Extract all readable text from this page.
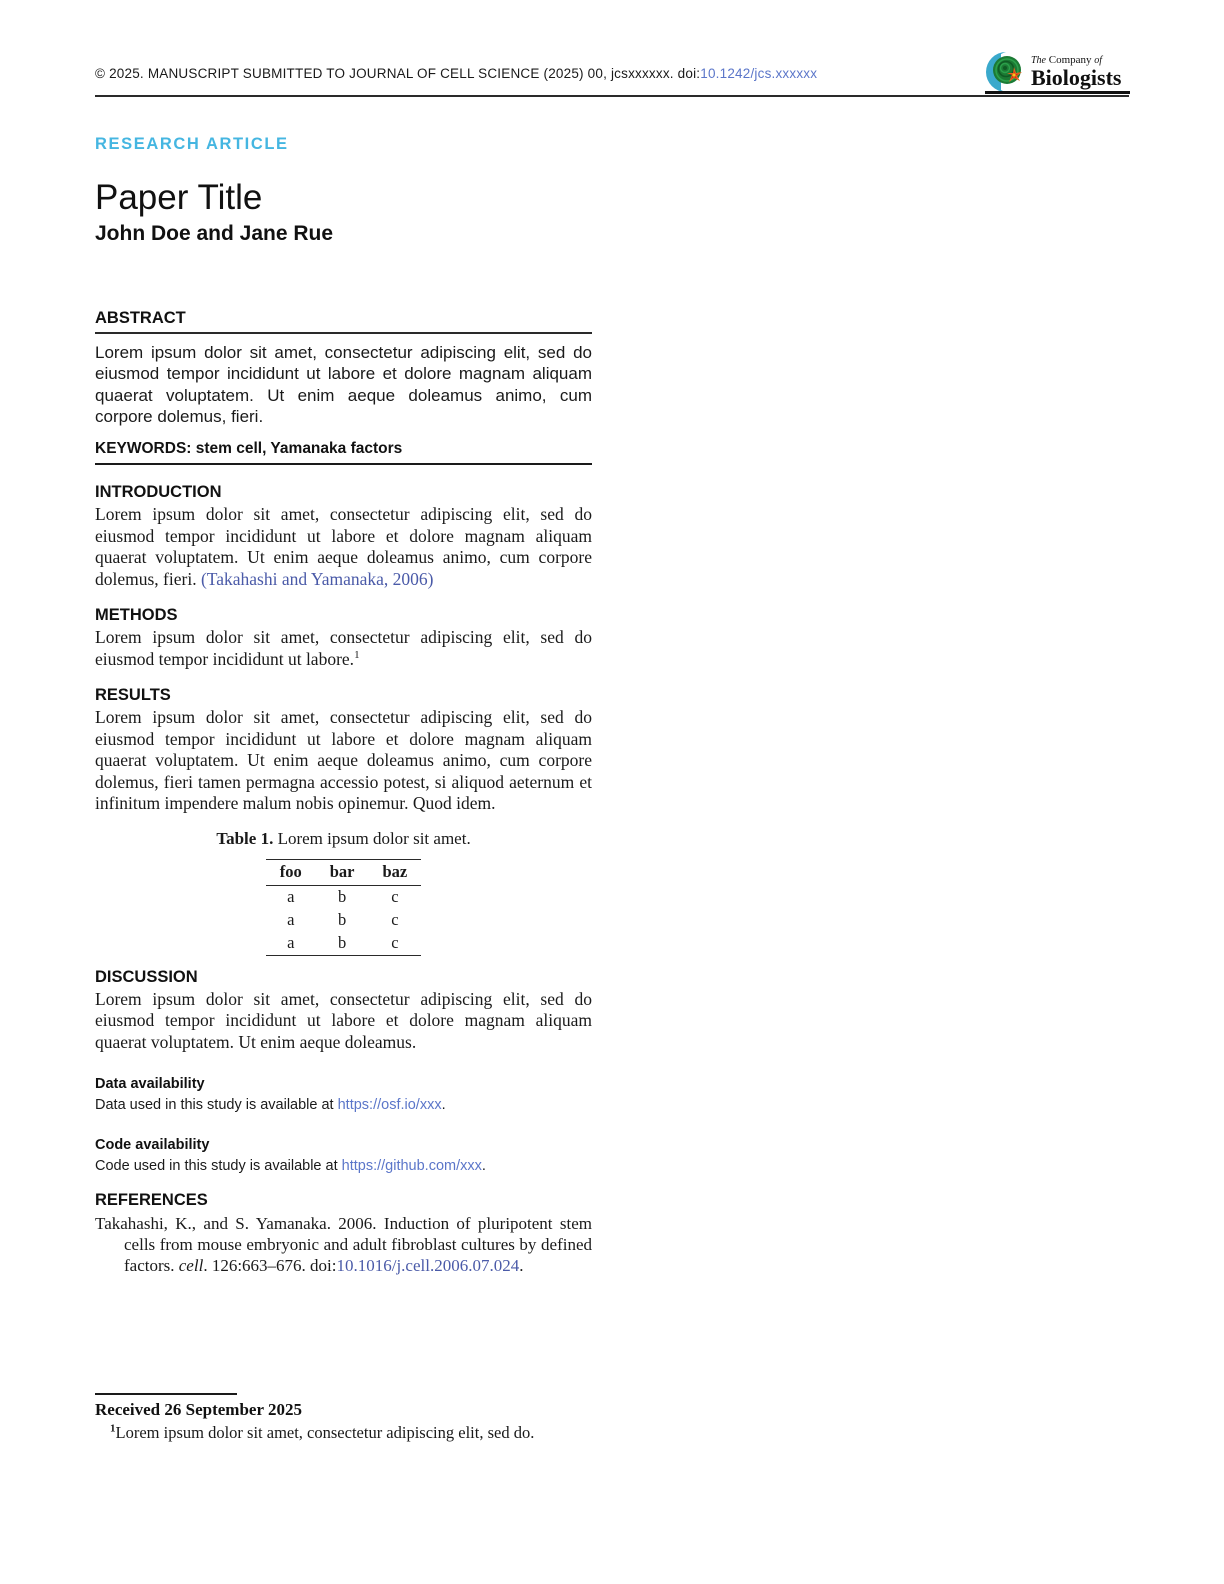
© 2025. MANUSCRIPT SUBMITTED TO JOURNAL OF CELL SCIENCE (2025) 00, jcsxxxxxx. doi:10.1242/jcs.xxxxxx
The Company of
Biologists
RESEARCH ARTICLE
Paper Title
John Doe and Jane Rue
ABSTRACT
Lorem ipsum dolor sit amet, consectetur adipiscing elit, sed do eiusmod tempor incididunt ut labore et dolore magnam aliquam quaerat voluptatem. Ut enim aeque doleamus animo, cum corpore dolemus, fieri.
KEYWORDS: stem cell, Yamanaka factors
INTRODUCTION
Lorem ipsum dolor sit amet, consectetur adipiscing elit, sed do eiusmod tempor incididunt ut labore et dolore magnam aliquam quaerat voluptatem. Ut enim aeque doleamus animo, cum corpore dolemus, fieri. (Takahashi and Yamanaka, 2006)
METHODS
Lorem ipsum dolor sit amet, consectetur adipiscing elit, sed do eiusmod tempor incididunt ut labore.$^1$
RESULTS
Lorem ipsum dolor sit amet, consectetur adipiscing elit, sed do eiusmod tempor incididunt ut labore et dolore magnam aliquam quaerat voluptatem. Ut enim aeque doleamus animo, cum corpore dolemus, fieri tamen permagna accessio potest, si aliquod aeternum et infinitum impendere malum nobis opinemur. Quod idem.
Table 1. Lorem ipsum dolor sit amet.
foo	bar	baz
a	b	c
a	b	c
a	b	c
DISCUSSION
Lorem ipsum dolor sit amet, consectetur adipiscing elit, sed do eiusmod tempor incididunt ut labore et dolore magnam aliquam quaerat voluptatem. Ut enim aeque doleamus.
Data availability
Data used in this study is available at https://osf.io/xxx.
Code availability
Code used in this study is available at https://github.com/xxx.
REFERENCES
Takahashi, K., and S. Yamanaka. 2006. Induction of pluripotent stem cells from mouse embryonic and adult fibroblast cultures by defined factors. cell. 126:663–676. doi:10.1016/j.cell.2006.07.024.
Received 26 September 2025
$^1$Lorem ipsum dolor sit amet, consectetur adipiscing elit, sed do.
